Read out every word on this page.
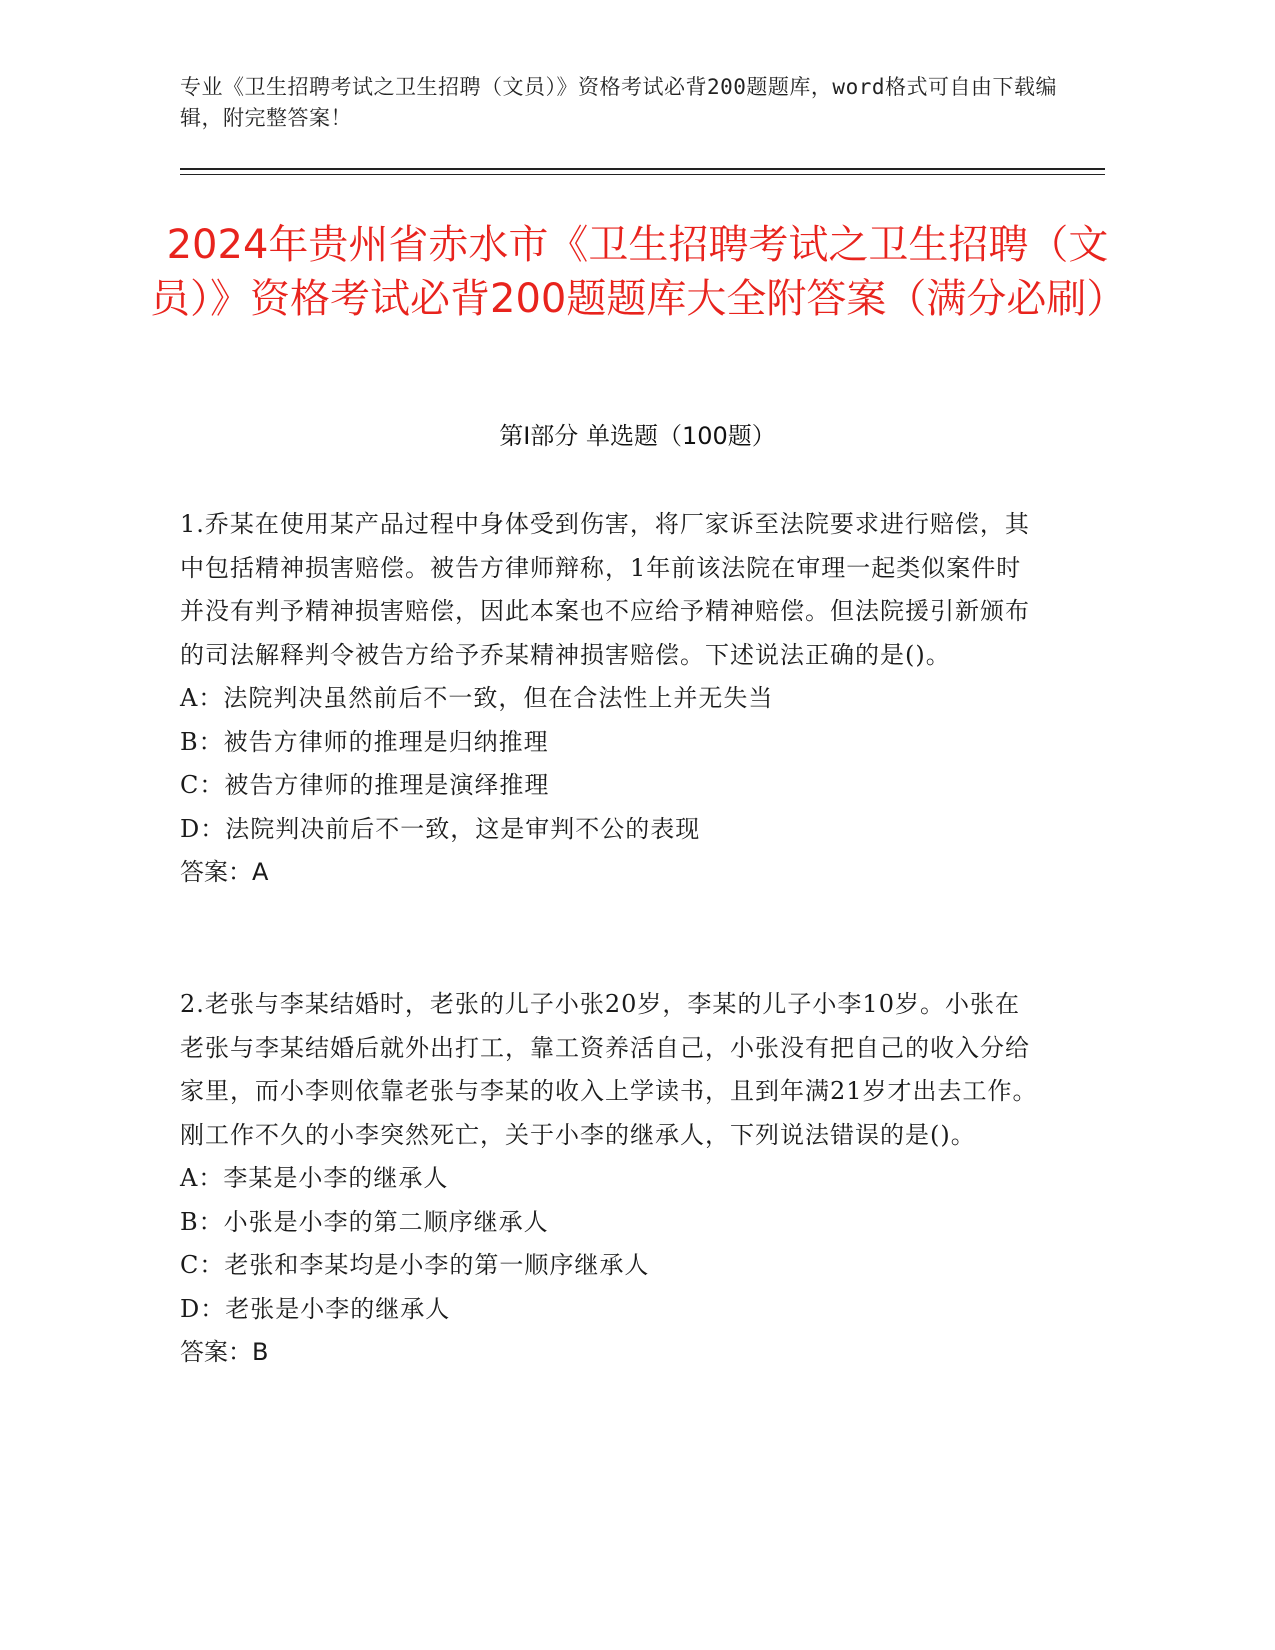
专业《卫生招聘考试之卫生招聘（文员）》资格考试必背200题题库，word格式可自由下载编辑，附完整答案！
2024年贵州省赤水市《卫生招聘考试之卫生招聘（文员）》资格考试必背200题题库大全附答案（满分必刷）
第I部分 单选题（100题）

1.乔某在使用某产品过程中身体受到伤害，将厂家诉至法院要求进行赔偿，其中包括精神损害赔偿。被告方律师辩称，1年前该法院在审理一起类似案件时并没有判予精神损害赔偿，因此本案也不应给予精神赔偿。但法院援引新颁布的司法解释判令被告方给予乔某精神损害赔偿。下述说法正确的是()。

A：法院判决虽然前后不一致，但在合法性上并无失当

B：被告方律师的推理是归纳推理

C：被告方律师的推理是演绎推理

D：法院判决前后不一致，这是审判不公的表现

答案：A

2.老张与李某结婚时，老张的儿子小张20岁，李某的儿子小李10岁。小张在老张与李某结婚后就外出打工，靠工资养活自己，小张没有把自己的收入分给家里，而小李则依靠老张与李某的收入上学读书，且到年满21岁才出去工作。刚工作不久的小李突然死亡，关于小李的继承人，下列说法错误的是()。

A：李某是小李的继承人

B：小张是小李的第二顺序继承人

C：老张和李某均是小李的第一顺序继承人

D：老张是小李的继承人

答案：B
